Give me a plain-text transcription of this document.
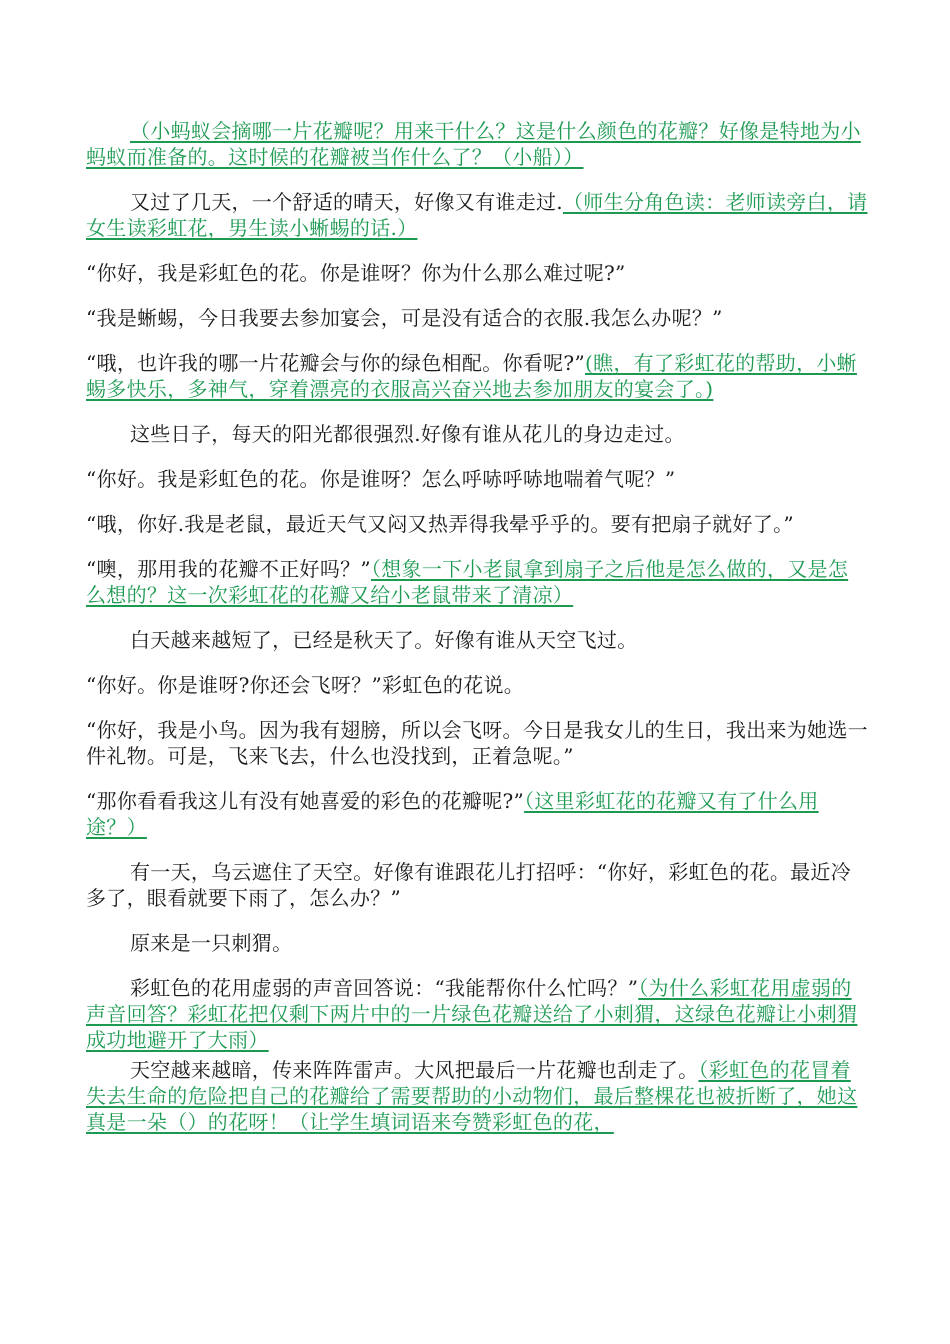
（小蚂蚁会摘哪一片花瓣呢？用来干什么？这是什么颜色的花瓣？好像是特地为小蚂蚁而准备的。这时候的花瓣被当作什么了？（小船））

又过了几天，一个舒适的晴天，好像又有谁走过.（师生分角色读：老师读旁白，请女生读彩虹花，男生读小蜥蜴的话.）

“你好，我是彩虹色的花。你是谁呀？你为什么那么难过呢?”

“我是蜥蜴，今日我要去参加宴会，可是没有适合的衣服.我怎么办呢？”

“哦，也许我的哪一片花瓣会与你的绿色相配。你看呢?”(瞧，有了彩虹花的帮助，小蜥蜴多快乐，多神气，穿着漂亮的衣服高兴奋兴地去参加朋友的宴会了。)

这些日子，每天的阳光都很强烈.好像有谁从花儿的身边走过。

“你好。我是彩虹色的花。你是谁呀？怎么呼哧呼哧地喘着气呢？”

“哦，你好.我是老鼠，最近天气又闷又热弄得我晕乎乎的。要有把扇子就好了。”

“噢，那用我的花瓣不正好吗？”（想象一下小老鼠拿到扇子之后他是怎么做的，又是怎么想的？这一次彩虹花的花瓣又给小老鼠带来了清凉）

白天越来越短了，已经是秋天了。好像有谁从天空飞过。

“你好。你是谁呀?你还会飞呀？”彩虹色的花说。

“你好，我是小鸟。因为我有翅膀，所以会飞呀。今日是我女儿的生日，我出来为她选一件礼物。可是，飞来飞去，什么也没找到，正着急呢。”

“那你看看我这儿有没有她喜爱的彩色的花瓣呢?”（这里彩虹花的花瓣又有了什么用途？）

有一天，乌云遮住了天空。好像有谁跟花儿打招呼：“你好，彩虹色的花。最近冷多了，眼看就要下雨了，怎么办？”

原来是一只刺猬。

彩虹色的花用虚弱的声音回答说：“我能帮你什么忙吗？”（为什么彩虹花用虚弱的声音回答？彩虹花把仅剩下两片中的一片绿色花瓣送给了小刺猬，这绿色花瓣让小刺猬成功地避开了大雨）

天空越来越暗，传来阵阵雷声。大风把最后一片花瓣也刮走了。（彩虹色的花冒着失去生命的危险把自己的花瓣给了需要帮助的小动物们，最后整棵花也被折断了，她这真是一朵（）的花呀！（让学生填词语来夸赞彩虹色的花，
